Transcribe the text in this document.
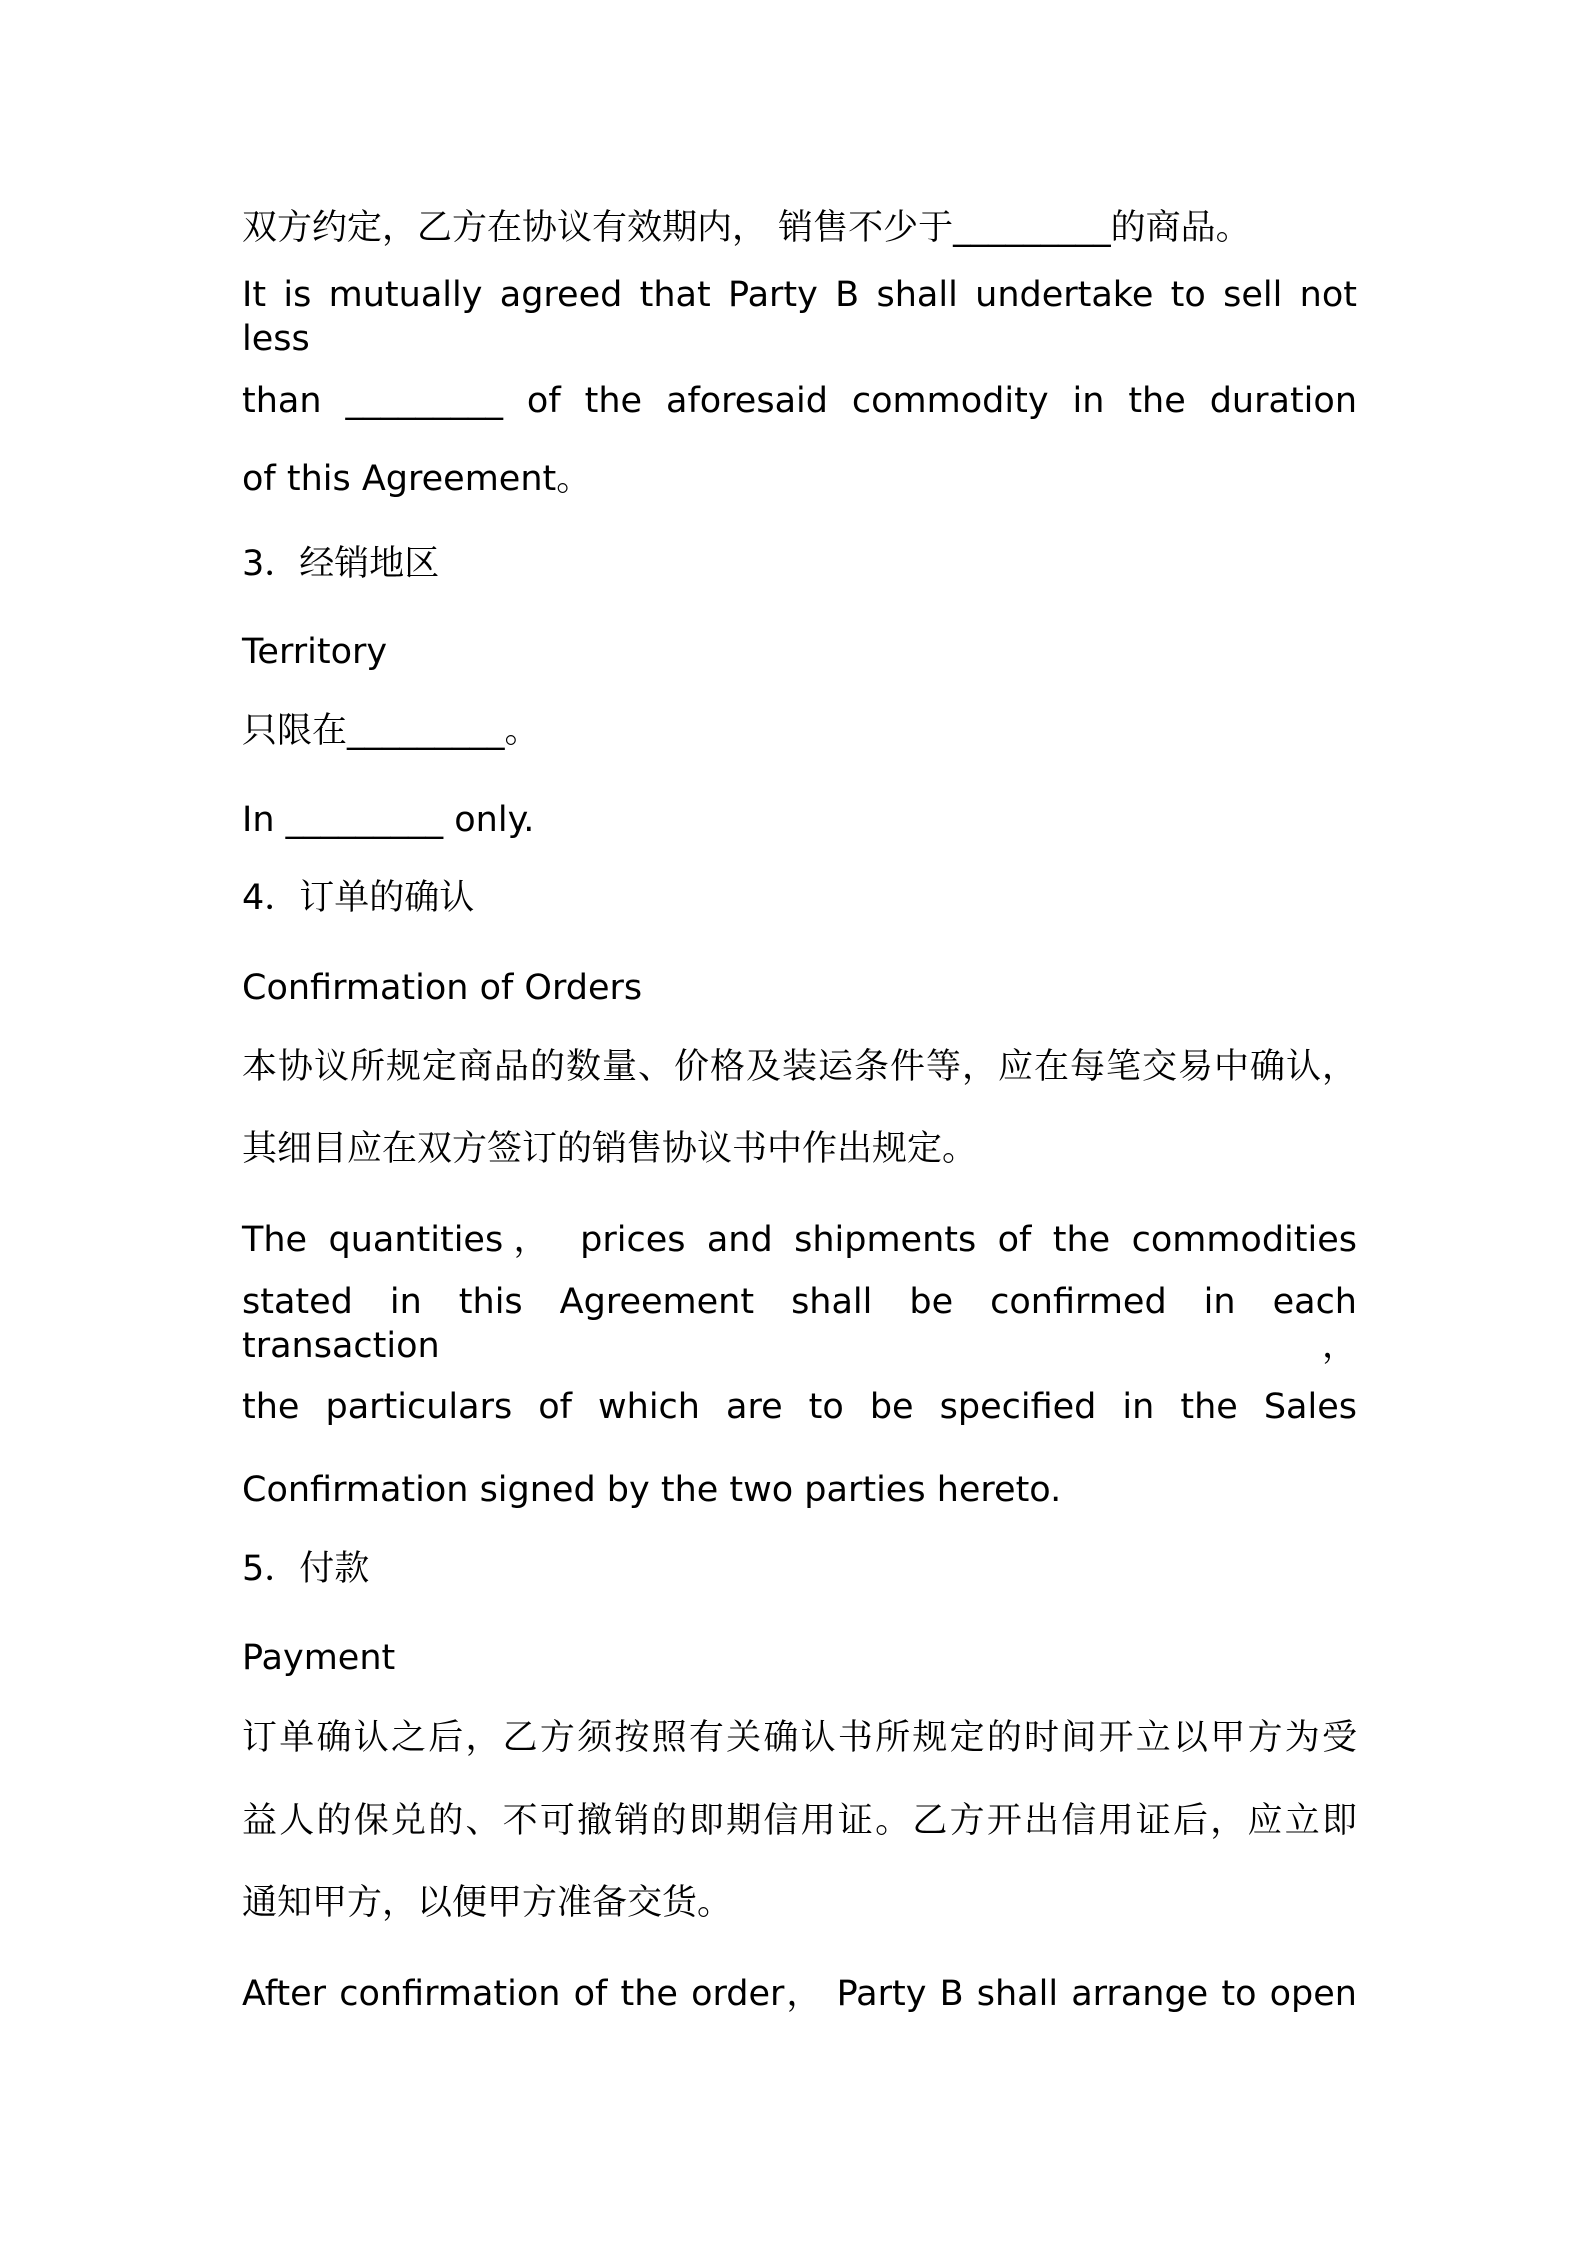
双方约定，乙方在协议有效期内， 销售不少于_________的商品。
It is mutually agreed that Party B shall undertake to sell not less
than _________ of the aforesaid commodity in the duration
of this Agreement。
3．经销地区
Territory
只限在_________。
In _________ only.
4．订单的确认
Confirmation of Orders
本协议所规定商品的数量、价格及装运条件等，应在每笔交易中确认，
其细目应在双方签订的销售协议书中作出规定。
The quantities， prices and shipments of the commodities
stated in this Agreement shall be confirmed in each transaction，
the particulars of which are to be specified in the Sales
Confirmation signed by the two parties hereto.
5．付款
Payment
订单确认之后，乙方须按照有关确认书所规定的时间开立以甲方为受
益人的保兑的、不可撤销的即期信用证。乙方开出信用证后，应立即
通知甲方，以便甲方准备交货。
After confirmation of the order， Party B shall arrange to open
